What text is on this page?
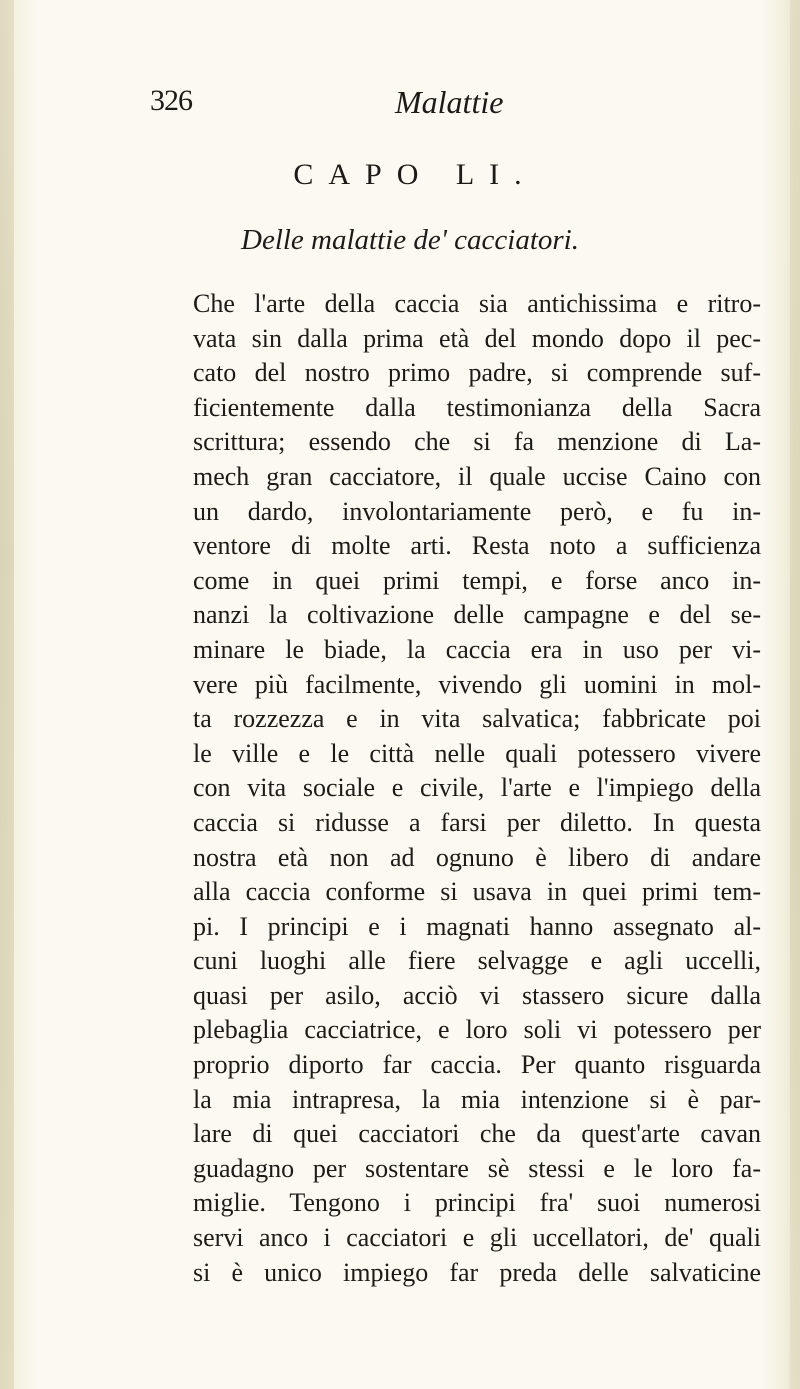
326	Malattie
CAPO LI.
Delle malattie de' cacciatori.
Che l'arte della caccia sia antichissima e ritro-
vata sin dalla prima età del mondo dopo il pec-
cato del nostro primo padre, si comprende suf-
ficientemente dalla testimonianza della Sacra
scrittura; essendo che si fa menzione di La-
mech gran cacciatore, il quale uccise Caino con
un dardo, involontariamente però, e fu in-
ventore di molte arti. Resta noto a sufficienza
come in quei primi tempi, e forse anco in-
nanzi la coltivazione delle campagne e del se-
minare le biade, la caccia era in uso per vi-
vere più facilmente, vivendo gli uomini in mol-
ta rozzezza e in vita salvatica; fabbricate poi
le ville e le città nelle quali potessero vivere
con vita sociale e civile, l'arte e l'impiego della
caccia si ridusse a farsi per diletto. In questa
nostra età non ad ognuno è libero di andare
alla caccia conforme si usava in quei primi tem-
pi. I principi e i magnati hanno assegnato al-
cuni luoghi alle fiere selvagge e agli uccelli,
quasi per asilo, acciò vi stassero sicure dalla
plebaglia cacciatrice, e loro soli vi potessero per
proprio diporto far caccia. Per quanto risguarda
la mia intrapresa, la mia intenzione si è par-
lare di quei cacciatori che da quest'arte cavan
guadagno per sostentare sè stessi e le loro fa-
miglie. Tengono i principi fra' suoi numerosi
servi anco i cacciatori e gli uccellatori, de' quali
si è unico impiego far preda delle salvaticine
